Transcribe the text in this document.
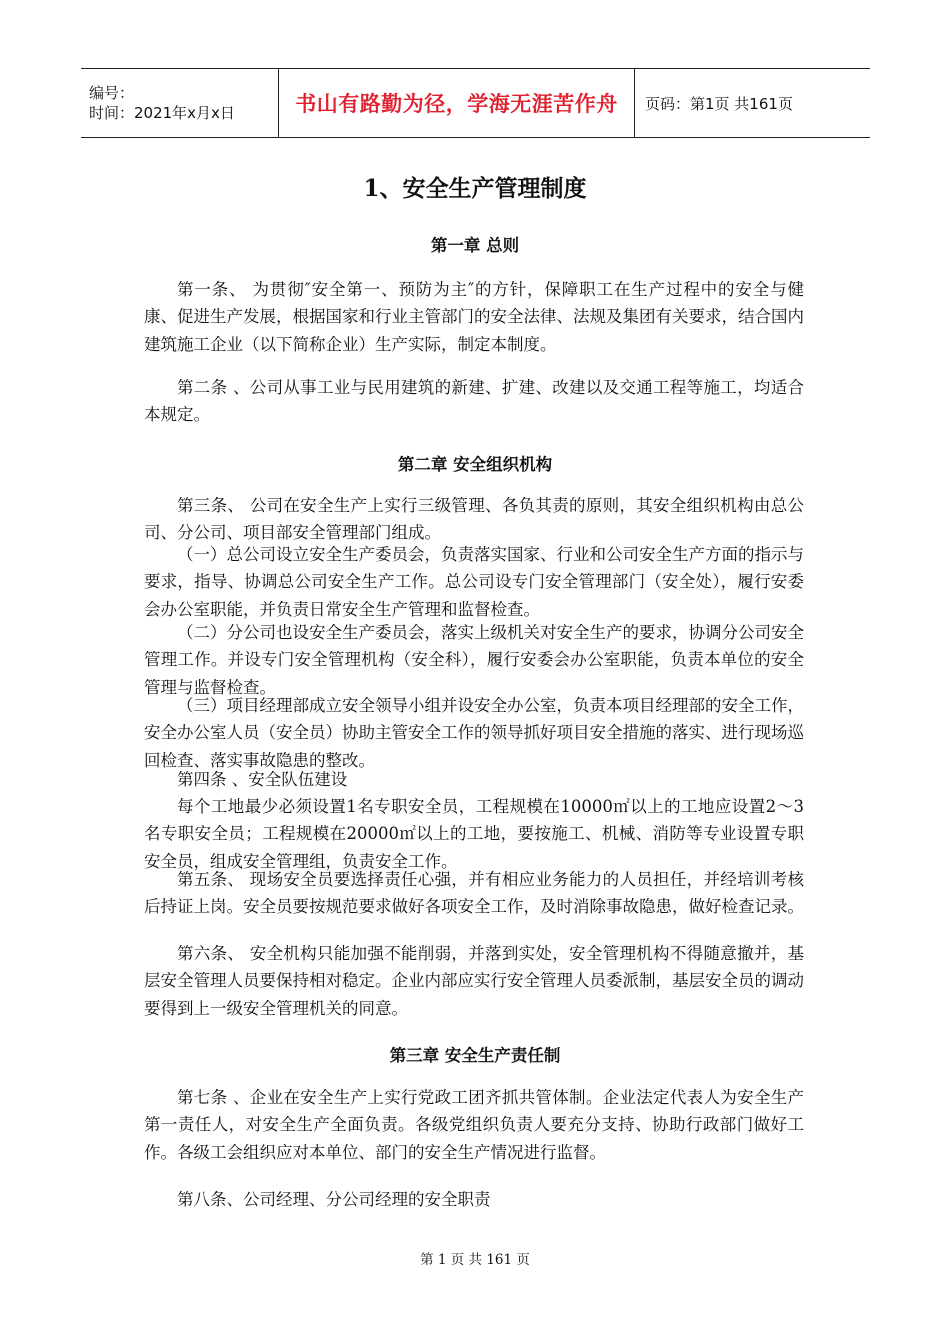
编号：
时间：2021年x月x日	书山有路勤为径，学海无涯苦作舟 页码：第1页 共161页
1、安全生产管理制度
第一章 总则

第一条、 为贯彻″安全第一、预防为主″的方针，保障职工在生产过程中的安全与健康、促进生产发展，根据国家和行业主管部门的安全法律、法规及集团有关要求，结合国内建筑施工企业（以下简称企业）生产实际，制定本制度。

第二条 、公司从事工业与民用建筑的新建、扩建、改建以及交通工程等施工，均适合本规定。

第二章 安全组织机构

第三条、 公司在安全生产上实行三级管理、各负其责的原则，其安全组织机构由总公司、分公司、项目部安全管理部门组成。

（一）总公司设立安全生产委员会，负责落实国家、行业和公司安全生产方面的指示与要求，指导、协调总公司安全生产工作。总公司设专门安全管理部门（安全处），履行安委会办公室职能，并负责日常安全生产管理和监督检查。

（二）分公司也设安全生产委员会，落实上级机关对安全生产的要求，协调分公司安全管理工作。并设专门安全管理机构（安全科），履行安委会办公室职能，负责本单位的安全管理与监督检查。

（三）项目经理部成立安全领导小组并设安全办公室，负责本项目经理部的安全工作，安全办公室人员（安全员）协助主管安全工作的领导抓好项目安全措施的落实、进行现场巡回检查、落实事故隐患的整改。

第四条 、安全队伍建设

每个工地最少必须设置1名专职安全员，工程规模在10000㎡以上的工地应设置2～3名专职安全员；工程规模在20000㎡以上的工地，要按施工、机械、消防等专业设置专职安全员，组成安全管理组，负责安全工作。

第五条、 现场安全员要选择责任心强，并有相应业务能力的人员担任，并经培训考核后持证上岗。安全员要按规范要求做好各项安全工作，及时消除事故隐患，做好检查记录。

第六条、 安全机构只能加强不能削弱，并落到实处，安全管理机构不得随意撤并，基层安全管理人员要保持相对稳定。企业内部应实行安全管理人员委派制，基层安全员的调动要得到上一级安全管理机关的同意。

第三章 安全生产责任制

第七条 、企业在安全生产上实行党政工团齐抓共管体制。企业法定代表人为安全生产第一责任人，对安全生产全面负责。各级党组织负责人要充分支持、协助行政部门做好工作。各级工会组织应对本单位、部门的安全生产情况进行监督。

第八条、公司经理、分公司经理的安全职责

第 1 页 共 161 页
